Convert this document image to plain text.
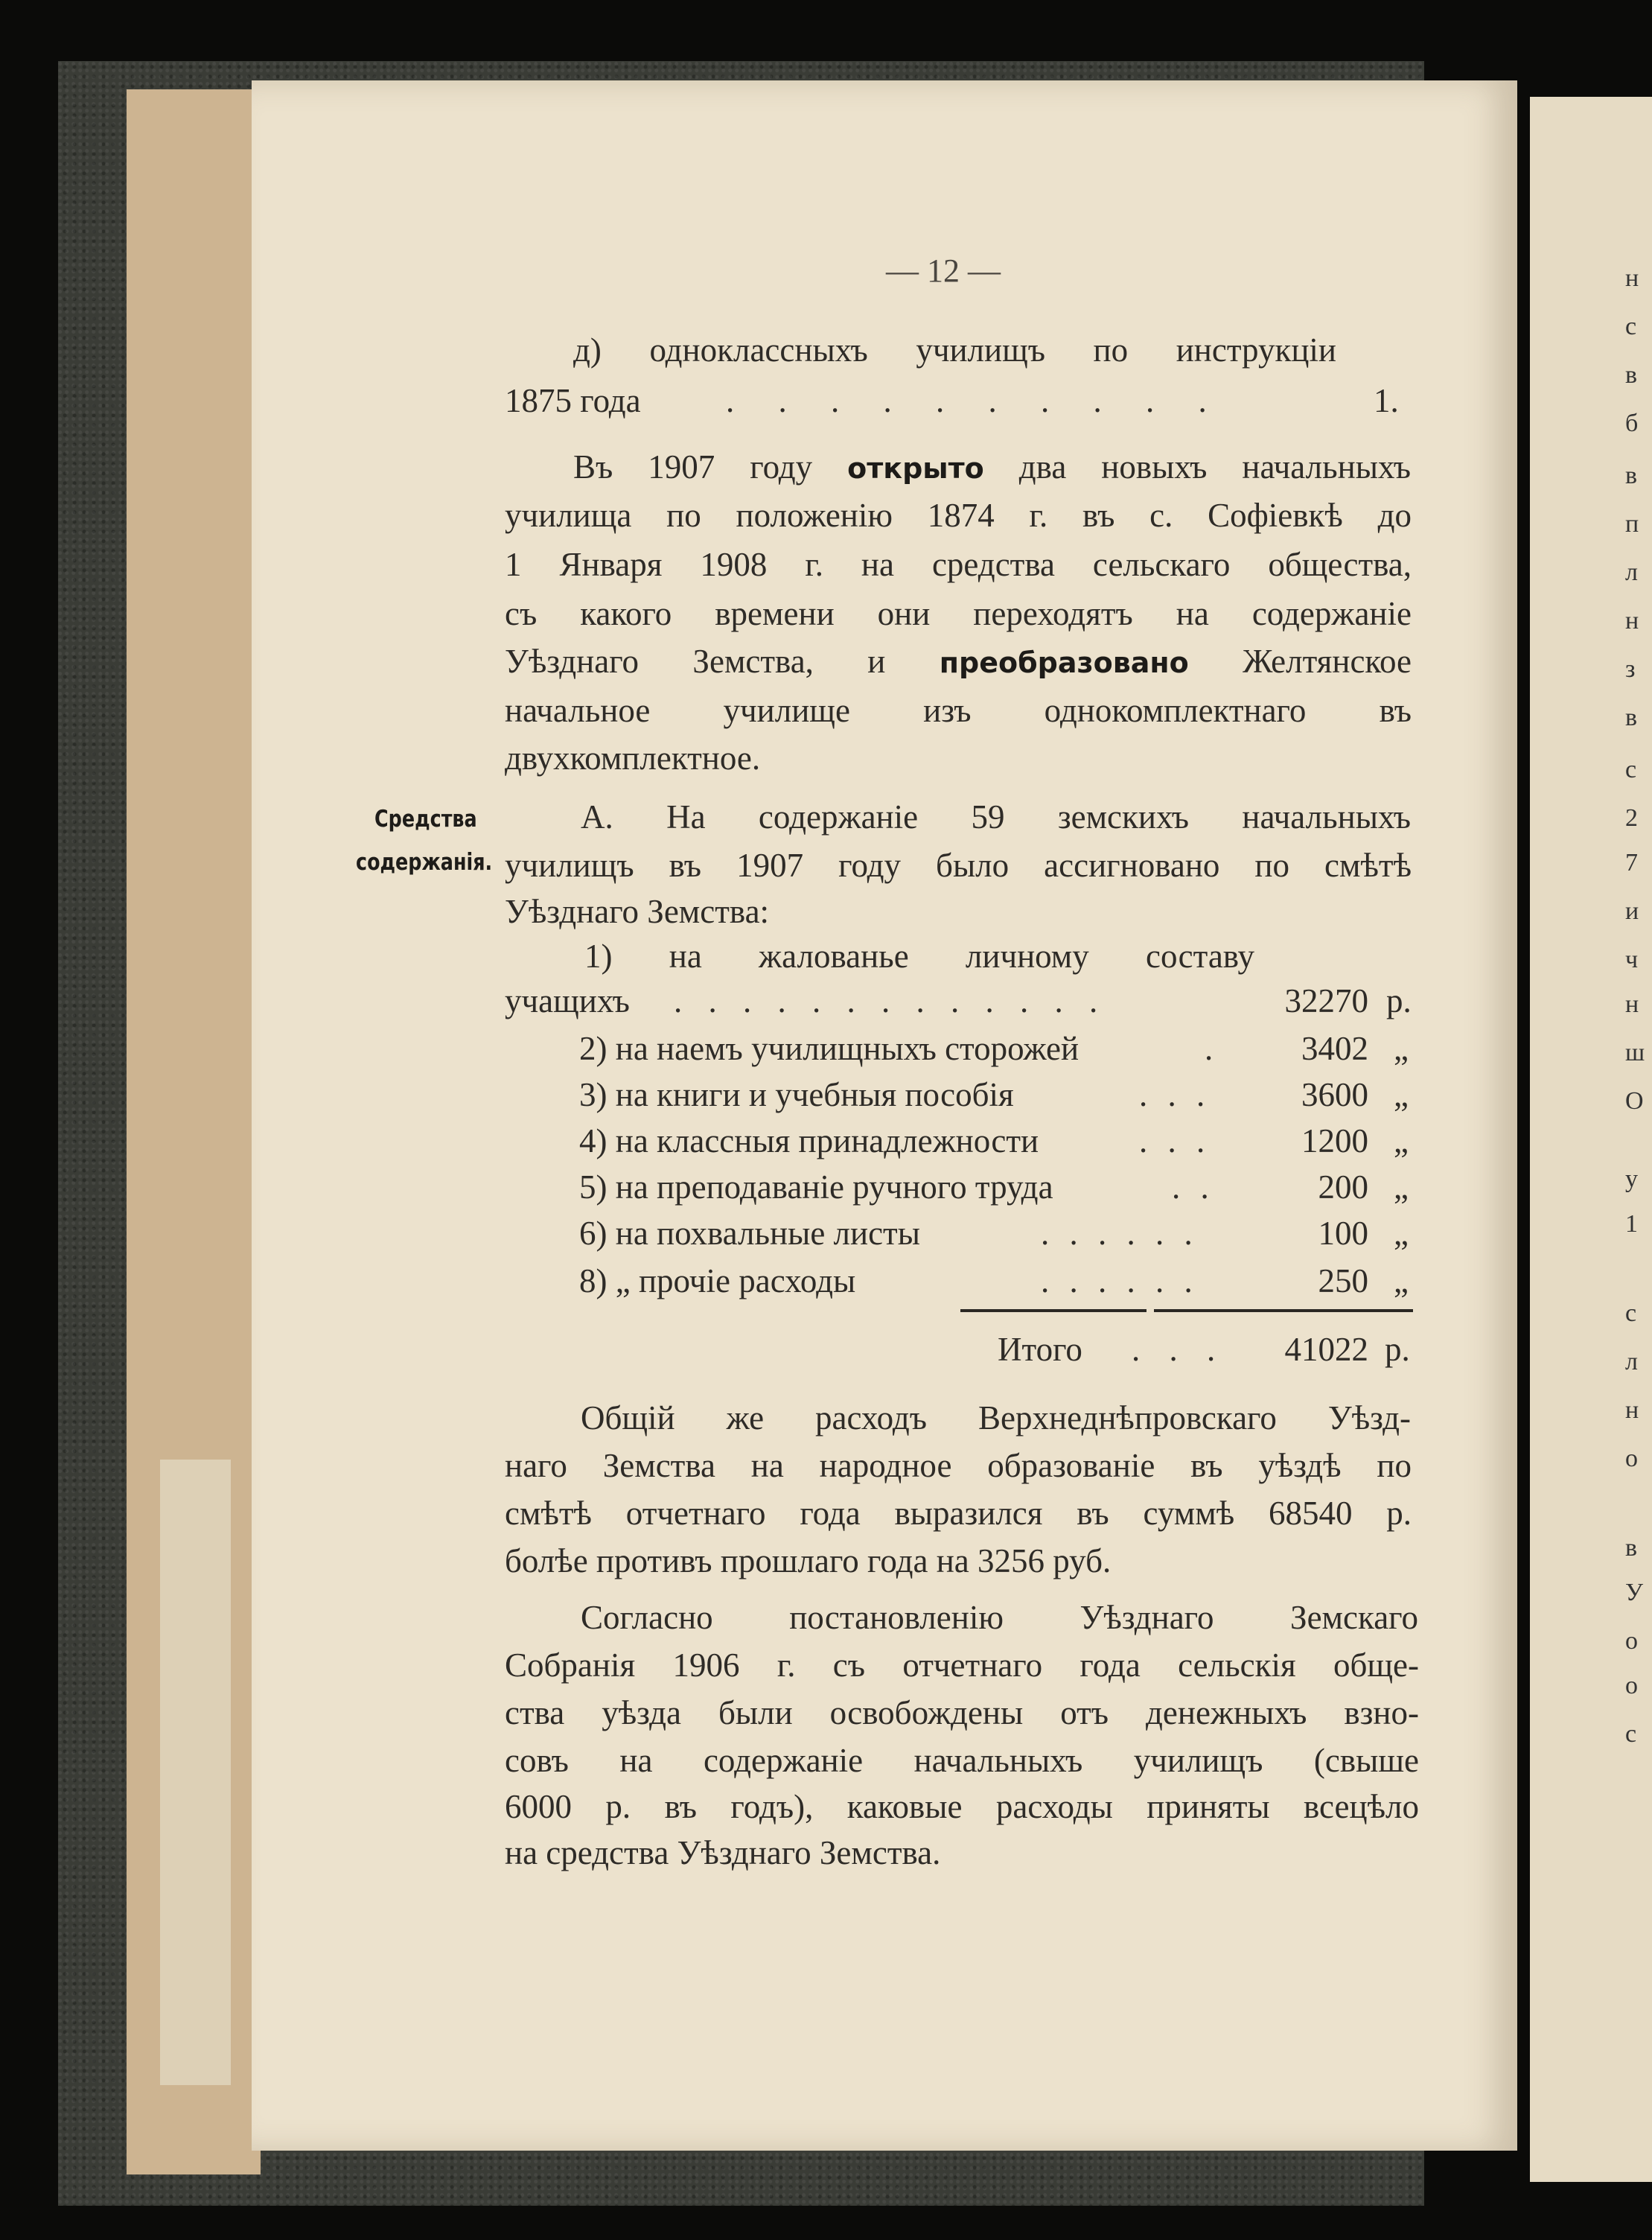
н
с
в
б
в
п
л
н
з
в
с
2
7
и
ч
н
ш
О
у
1
с
л
н
о
в
У
о
о
с
— 12 —
д) одноклассныхъ училищъ по инструкціи
1875 года	. . . . . . . . . .	1.
Въ 1907 году открыто два новыхъ начальныхъ
училища по положенію 1874 г. въ с. Софіевкѣ до
1 Января 1908 г. на средства сельскаго общества,
съ какого времени они переходятъ на содержаніе
Уѣзднаго Земства, и преобразовано Желтянское
начальное училище изъ однокомплектнаго въ
двухкомплектное.
Средства
содержанія.
А. На содержаніе 59 земскихъ начальныхъ
училищъ въ 1907 году было ассигновано по смѣтѣ
Уѣзднаго Земства:
1) на жалованье личному составу
учащихъ . . . . . . . . . . . . .	32270 р.
2) на наемъ училищныхъ сторожей	. 3402 „
3) на книги и учебныя пособія	. . .	3600 „
4) на классныя принадлежности	. . .	1200 „
5) на преподаваніе ручного труда	. .	200 „
6) на похвальные листы	. . . . . .	100 „
8) „ прочіе расходы	. . . . . .	250 „
Итого . . . 41022 р.
Общій же расходъ Верхнеднѣпровскаго Уѣзд-
наго Земства на народное образованіе въ уѣздѣ по
смѣтѣ отчетнаго года выразился въ суммѣ 68540 р.
болѣе противъ прошлаго года на 3256 руб.
Согласно постановленію Уѣзднаго Земскаго
Собранія 1906 г. съ отчетнаго года сельскія обще-
ства уѣзда были освобождены отъ денежныхъ взно-
совъ на содержаніе начальныхъ училищъ (свыше
6000 р. въ годъ), каковые расходы приняты всецѣло
на средства Уѣзднаго Земства.
